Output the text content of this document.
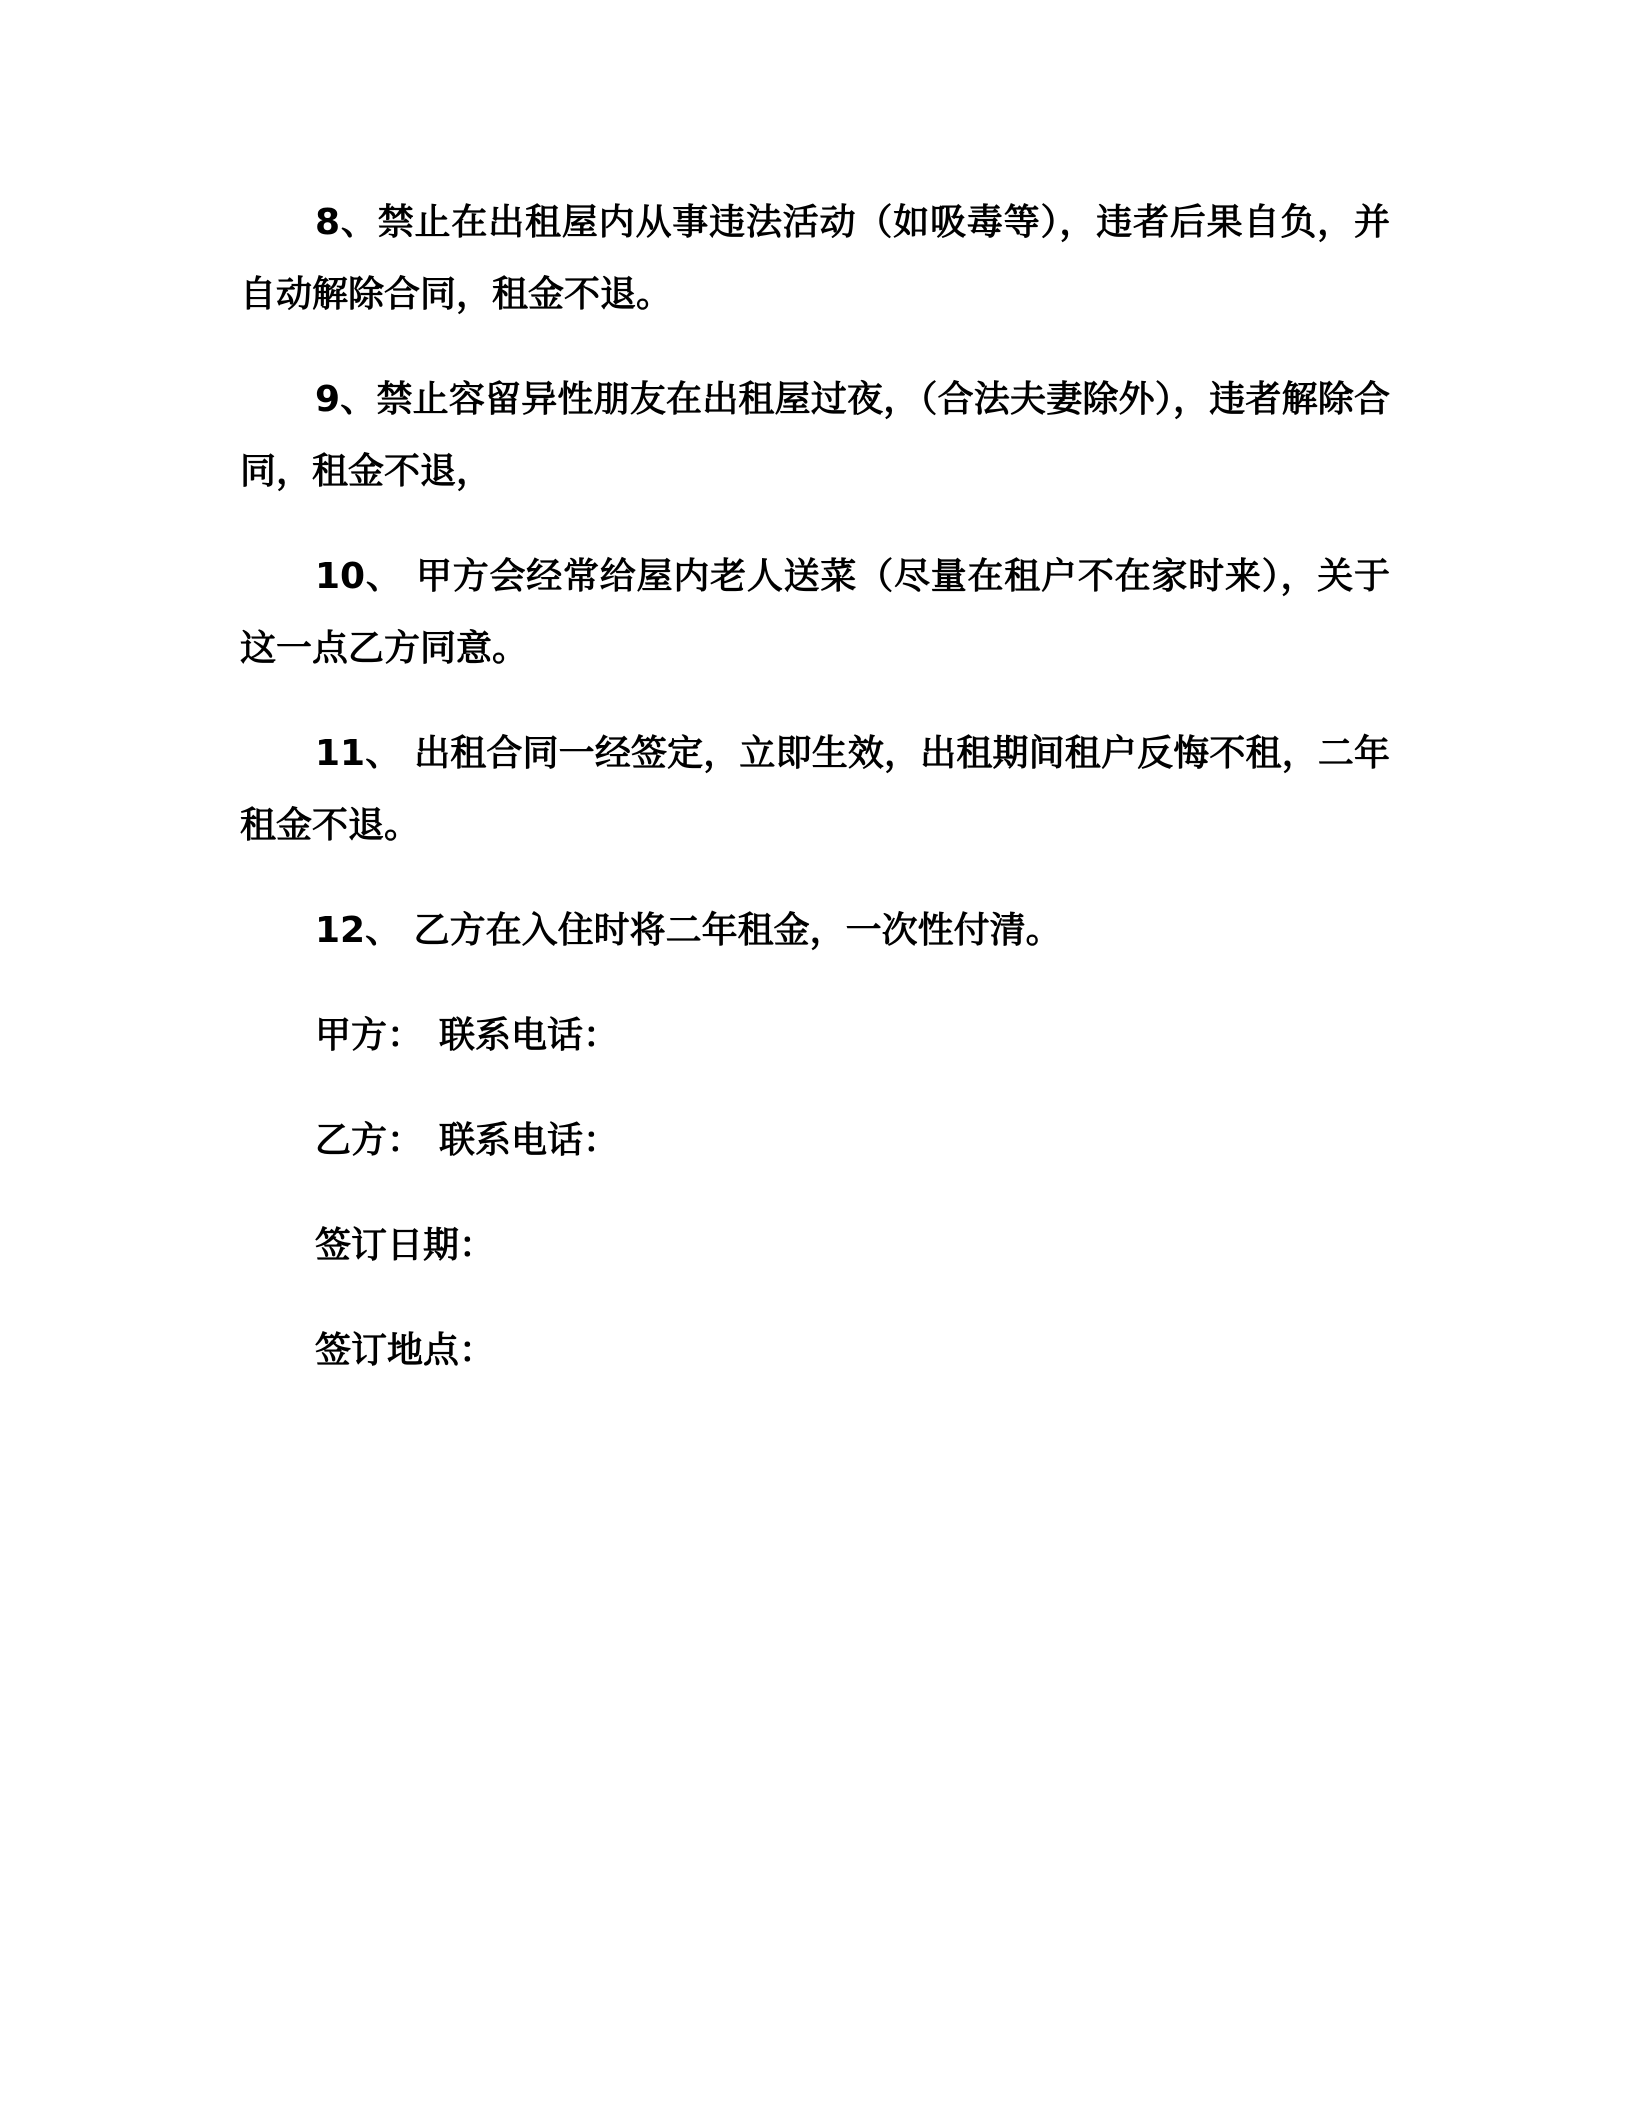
8、禁止在出租屋内从事违法活动（如吸毒等），违者后果自负，并自动解除合同，租金不退。

9、禁止容留异性朋友在出租屋过夜，（合法夫妻除外），违者解除合同，租金不退，

10、 甲方会经常给屋内老人送菜（尽量在租户不在家时来），关于这一点乙方同意。

11、 出租合同一经签定，立即生效，出租期间租户反悔不租，二年租金不退。

12、 乙方在入住时将二年租金，一次性付清。

甲方： 联系电话：

乙方： 联系电话：

签订日期：

签订地点：
